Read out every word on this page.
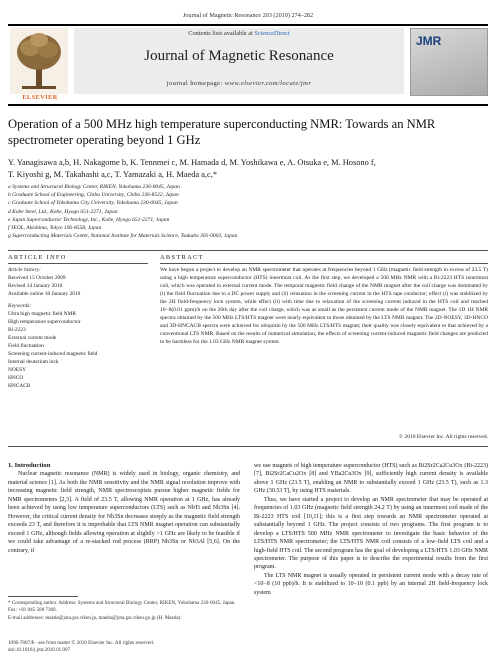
Journal of Magnetic Resonance 203 (2010) 274–282
ELSEVIER
Contents lists available at ScienceDirect
Journal of Magnetic Resonance
journal homepage: www.elsevier.com/locate/jmr
JMR
Operation of a 500 MHz high temperature superconducting NMR: Towards an NMR spectrometer operating beyond 1 GHz
Y. Yanagisawa a,b, H. Nakagome b, K. Tennmei c, M. Hamada d, M. Yoshikawa e, A. Otsuka e, M. Hosono f,
T. Kiyoshi g, M. Takahashi a,c, T. Yamazaki a, H. Maeda a,c,*
a Systems and Structural Biology Center, RIKEN, Yokohama 230-0045, Japan
b Graduate School of Engineering, Chiba University, Chiba 236-8522, Japan
c Graduate School of Yokohama City University, Yokohama 230-0045, Japan
d Kobe Steel, Ltd., Kobe, Hyogo 651-2271, Japan
e Japan Superconductor Technology, Inc., Kobe, Hyogo 651-2271, Japan
f JEOL, Akishima, Tokyo 196-8558, Japan
g Superconducting Materials Center, National Institute for Materials Science, Tsukuba 305-0003, Japan
ARTICLE INFO	ABSTRACT
Article history:
Received 15 October 2009
Revised 14 January 2010
Available online 18 January 2010
Keywords:
Ultra high magnetic field NMR
High temperature superconductor
Bi-2223
External current mode
Field fluctuation
Screening current-induced magnetic field
Internal deuterium lock
NOESY
HNCO
HNCACB
We have begun a project to develop an NMR spectrometer that operates at frequencies beyond 1 GHz (magnetic field strength in excess of 23.5 T) using a high temperature superconductor (HTS) innermost coil. As the first step, we developed a 500 MHz NMR with a Bi-2223 HTS innermost coil, which was operated in external current mode. The temporal magnetic field change of the NMR magnet after the coil charge was dominated by (i) the field fluctuation due to a DC power supply and (ii) relaxation in the screening current in the HTS tape conductor; effect (i) was stabilized by the 2H field-frequency lock system, while effect (ii) with time due to relaxation of the screening current induced in the HTS coil and reached 10−8(0.01 ppm)/h on the 20th day after the coil charge, which was as small as the persistent current mode of the NMR magnet. The 1D 1H NMR spectra obtained by the 500 MHz LTS/HTS magnet were nearly equivalent to those obtained by the LTS NMR magnet. The 2D-NOESY, 3D-HNCO and 3D-HNCACB spectra were achieved for ubiquitin by the 500 MHz LTS/HTS magnet; their quality was closely equivalent to that achieved by a conventional LTS NMR. Based on the results of numerical simulation, the effects of screening current-induced magnetic field changes are predicted to be harmless for the 1.03 GHz NMR magnet system.
© 2010 Elsevier Inc. All rights reserved.

1. Introduction

Nuclear magnetic resonance (NMR) is widely used in biology, organic chemistry, and material science [1]. As both the NMR sensitivity and the NMR signal resolution improve with increasing magnetic field strength, NMR spectroscopists pursue higher magnetic fields for NMR spectrometers [2,3]. A field of 23.5 T, allowing NMR operation at 1 GHz, has already been achieved by using low temperature superconductors (LTS) such as NbTi and Nb3Sn [4]. However, the critical current density for Nb3Sn decreases steeply as the magnetic field strength exceeds 23 T, and therefore it is improbable that LTS NMR magnet operation can substantially exceed 1 GHz, although fields allowing operation at slightly >1 GHz are likely to be feasible if we could take advantage of a re-stacked rod process (RRP) Nb3Sn or Nb3Al [5,6]. On the contrary, if

we use magnets of high temperature superconductor (HTS) such as Bi2Sr2Ca2Cu3Ox (Bi-2223) [7], Bi2Sr2CaCu2Ox [8] and YBa2Cu3Ox [9], sufficiently high current density is available above 1 GHz (23.5 T), enabling an NMR to substantially exceed 1 GHz (23.5 T), such as 1.3 GHz (30.53 T), by using HTS materials.

Thus, we have started a project to develop an NMR spectrometer that may be operated at frequencies of 1.03 GHz (magnetic field strength 24.2 T) by using an innermost coil made of the Bi-2223 HTS coil [10,11]; this is a first step towards an NMR spectrometer operated at substantially beyond 1 GHz. The project consists of two programs. The first program is to develop a LTS/HTS 500 MHz NMR spectrometer to investigate the basic behavior of the LTS/HTS NMR spectrometer; the LTS/HTS NMR coil consists of a low-field LTS coil and a high-field HTS coil. The second program has the goal of developing a LTS/HTS 1.03 GHz NMR spectrometer. The purpose of this paper is to describe the experimental results from the first program.

The LTS NMR magnet is usually operated in persistent current mode with a decay rate of <10−8 (10 ppb)/h. It is stabilized to 10−10 (0.1 ppb) by an internal 2H field-frequency lock system

* Corresponding author. Address: Systems and Structural Biology Center, RIKEN, Yokohama 230-0045, Japan. Fax: +81 045 508 7360.
E-mail addresses: maeda@jota.gsc.riken.jp, maeda@jota.gsc.riken.go.jp (H. Maeda).
1090-7807/$ - see front matter © 2010 Elsevier Inc. All rights reserved.
doi:10.1016/j.jmr.2010.01.007
